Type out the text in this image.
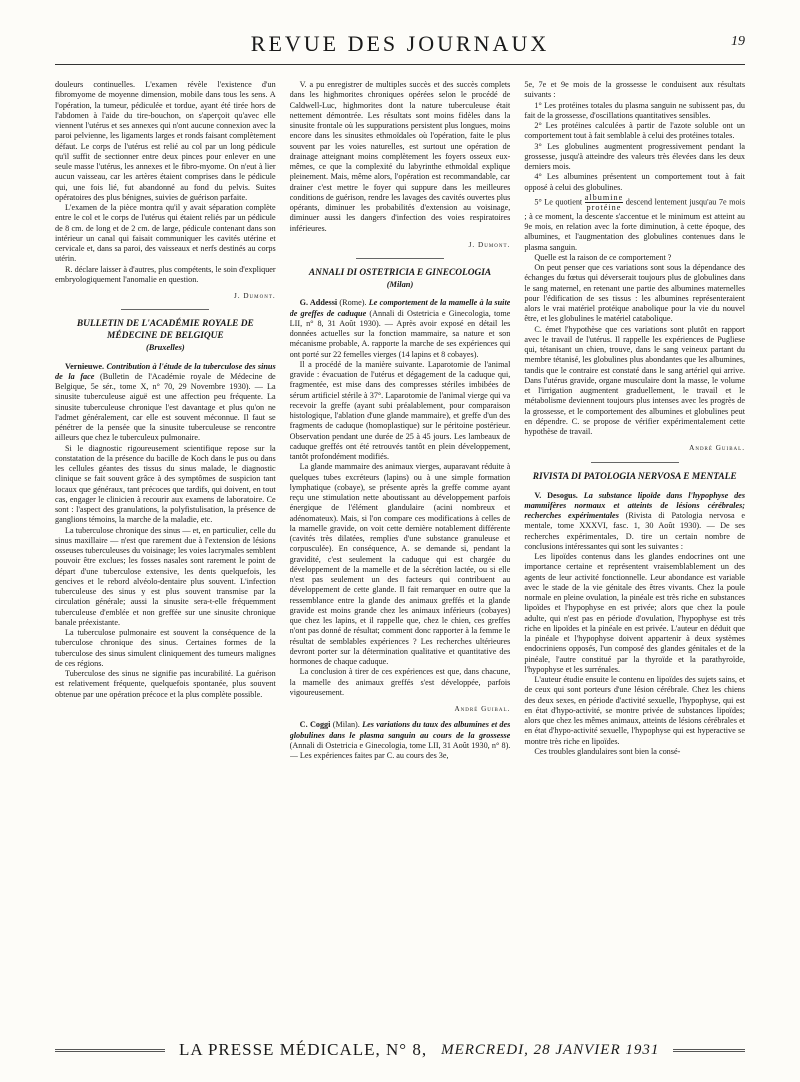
REVUE DES JOURNAUX	19

douleurs continuelles. L'examen révèle l'existence d'un fibromyome de moyenne dimension, mobile dans tous les sens. A l'opération, la tumeur, pédiculée et tordue, ayant été tirée hors de l'abdomen à l'aide du tire-bouchon, on s'aperçoit qu'avec elle viennent l'utérus et ses annexes qui n'ont aucune connexion avec la paroi pelvienne, les ligaments larges et ronds faisant complètement défaut. Le corps de l'utérus est relié au col par un long pédicule qu'il suffit de sectionner entre deux pinces pour enlever en une seule masse l'utérus, les annexes et le fibro-myome. On n'eut à lier aucun vaisseau, car les artères étaient comprises dans le pédicule qui, une fois lié, fut abandonné au fond du pelvis. Suites opératoires des plus bénignes, suivies de guérison parfaite.

L'examen de la pièce montra qu'il y avait séparation complète entre le col et le corps de l'utérus qui étaient reliés par un pédicule de 8 cm. de long et de 2 cm. de large, pédicule contenant dans son intérieur un canal qui faisait communiquer les cavités utérine et cervicale et, dans sa paroi, des vaisseaux et nerfs destinés au corps utérin.

R. déclare laisser à d'autres, plus compétents, le soin d'expliquer embryologiquement l'anomalie en question.

J. Dumont.
BULLETIN DE L'ACADÉMIE ROYALE DE MÉDECINE DE BELGIQUE
(Bruxelles)

Vernieuwe. Contribution à l'étude de la tuberculose des sinus de la face (Bulletin de l'Académie royale de Médecine de Belgique, 5e sér., tome X, n° 70, 29 Novembre 1930). — La sinusite tuberculeuse aiguë est une affection peu fréquente. La sinusite tuberculeuse chronique l'est davantage et plus qu'on ne l'admet généralement, car elle est souvent méconnue. Il faut se pénétrer de la pensée que la sinusite tuberculeuse se rencontre ailleurs que chez le tuberculeux pulmonaire.

Si le diagnostic rigoureusement scientifique repose sur la constatation de la présence du bacille de Koch dans le pus ou dans les cellules géantes des tissus du sinus malade, le diagnostic clinique se fait souvent grâce à des symptômes de suspicion tant locaux que généraux, tant précoces que tardifs, qui doivent, en tout cas, engager le clinicien à recourir aux examens de laboratoire. Ce sont : l'aspect des granulations, la polyfistulisation, la présence de ganglions témoins, la marche de la maladie, etc.

La tuberculose chronique des sinus — et, en particulier, celle du sinus maxillaire — n'est que rarement due à l'extension de lésions osseuses tuberculeuses du voisinage; les voies lacrymales semblent pouvoir être exclues; les fosses nasales sont rarement le point de départ d'une tuberculose extensive, les dents quelquefois, les gencives et le rebord alvéolo-dentaire plus souvent. L'infection tuberculeuse des sinus y est plus souvent transmise par la circulation générale; aussi la sinusite sera-t-elle fréquemment tuberculeuse d'emblée et non greffée sur une sinusite chronique banale préexistante.

La tuberculose pulmonaire est souvent la conséquence de la tuberculose chronique des sinus. Certaines formes de la tuberculose des sinus simulent cliniquement des tumeurs malignes de ces régions.

Tuberculose des sinus ne signifie pas incurabilité. La guérison est relativement fréquente, quelquefois spontanée, plus souvent obtenue par une opération précoce et la plus complète possible.

V. a pu enregistrer de multiples succès et des succès complets dans les highmorites chroniques opérées selon le procédé de Caldwell-Luc, highmorites dont la nature tuberculeuse était nettement démontrée. Les résultats sont moins fidèles dans la sinusite frontale où les suppurations persistent plus longues, moins encore dans les sinusites ethmoïdales où l'opération, faite le plus souvent par les voies naturelles, est surtout une opération de drainage atteignant moins complètement les foyers osseux eux-mêmes, ce que la complexité du labyrinthe ethmoïdal explique pleinement. Mais, même alors, l'opération est recommandable, car drainer c'est mettre le foyer qui suppure dans les meilleures conditions de guérison, rendre les lavages des cavités ouvertes plus opérants, diminuer les probabilités d'extension au voisinage, diminuer aussi les dangers d'infection des voies respiratoires inférieures.

J. Dumont.
ANNALI DI OSTETRICIA E GINECOLOGIA
(Milan)

G. Addessi (Rome). Le comportement de la mamelle à la suite de greffes de caduque (Annali di Ostetricia e Ginecologia, tome LII, n° 8, 31 Août 1930). — Après avoir exposé en détail les données actuelles sur la fonction mammaire, sa nature et son mécanisme probable, A. rapporte la marche de ses expériences qui ont porté sur 22 femelles vierges (14 lapins et 8 cobayes).

Il a procédé de la manière suivante. Laparotomie de l'animal gravide : évacuation de l'utérus et dégagement de la caduque qui, fragmentée, est mise dans des compresses stériles imbibées de sérum artificiel stérile à 37°. Laparotomie de l'animal vierge qui va recevoir la greffe (ayant subi préalablement, pour comparaison histologique, l'ablation d'une glande mammaire), et greffe d'un des fragments de caduque (homoplastique) sur le péritoine postérieur. Observation pendant une durée de 25 à 45 jours. Les lambeaux de caduque greffés ont été retrouvés tantôt en plein développement, tantôt profondément modifiés.

La glande mammaire des animaux vierges, auparavant réduite à quelques tubes excréteurs (lapins) ou à une simple formation lymphatique (cobaye), se présente après la greffe comme ayant reçu une stimulation nette aboutissant au développement parfois énergique de l'élément glandulaire (acini nombreux et adénomateux). Mais, si l'on compare ces modifications à celles de la mamelle gravide, on voit cette dernière notablement différente (cavités très dilatées, remplies d'une substance granuleuse et corpusculée). En conséquence, A. se demande si, pendant la gravidité, c'est seulement la caduque qui est chargée du développement de la mamelle et de la sécrétion lactée, ou si elle n'est pas seulement un des facteurs qui contribuent au développement de cette glande. Il fait remarquer en outre que la ressemblance entre la glande des animaux greffés et la glande gravide est moins grande chez les animaux inférieurs (cobayes) que chez les lapins, et il rappelle que, chez le chien, ces greffes n'ont pas donné de résultat; comment donc rapporter à la femme le résultat de semblables expériences ? Les recherches ultérieures devront porter sur la détermination qualitative et quantitative des hormones de chaque caduque.

La conclusion à tirer de ces expériences est que, dans chacune, la mamelle des animaux greffés s'est développée, parfois vigoureusement.

André Guibal.

C. Coggi (Milan). Les variations du taux des albumines et des globulines dans le plasma sanguin au cours de la grossesse (Annali di Ostetricia e Ginecologia, tome LII, 31 Août 1930, n° 8). — Les expériences faites par C. au cours des 3e,

5e, 7e et 9e mois de la grossesse le conduisent aux résultats suivants :

1° Les protéines totales du plasma sanguin ne subissent pas, du fait de la grossesse, d'oscillations quantitatives sensibles.

2° Les protéines calculées à partir de l'azote soluble ont un comportement tout à fait semblable à celui des protéines totales.

3° Les globulines augmentent progressivement pendant la grossesse, jusqu'à atteindre des valeurs très élevées dans les deux derniers mois.

4° Les albumines présentent un comportement tout à fait opposé à celui des globulines.

5° Le quotient albumine
protéine
descend lentement jusqu'au 7e mois ; à ce moment, la descente s'accentue et le minimum est atteint au 9e mois, en relation avec la forte diminution, à cette époque, des albumines, et l'augmentation des globulines contenues dans le plasma sanguin.

Quelle est la raison de ce comportement ?

On peut penser que ces variations sont sous la dépendance des échanges du fœtus qui déverserait toujours plus de globulines dans le sang maternel, en retenant une partie des albumines maternelles pour l'édification de ses tissus : les albumines représenteraient alors le vrai matériel protéique anabolique pour la vie du nouvel être, et les globulines le matériel catabolique.

C. émet l'hypothèse que ces variations sont plutôt en rapport avec le travail de l'utérus. Il rappelle les expériences de Pugliese qui, tétanisant un chien, trouve, dans le sang veineux partant du membre tétanisé, les globulines plus abondantes que les albumines, tandis que le contraire est constaté dans le sang artériel qui arrive. Dans l'utérus gravide, organe musculaire dont la masse, le volume et l'irrigation augmentent graduellement, le travail et le métabolisme deviennent toujours plus intenses avec les progrès de la grossesse, et le comportement des albumines et globulines peut en dépendre. C. se propose de vérifier expérimentalement cette hypothèse de travail.

André Guibal.
RIVISTA DI PATOLOGIA NERVOSA E MENTALE

V. Desogus. La substance lipoïde dans l'hypophyse des mammifères normaux et atteints de lésions cérébrales; recherches expérimentales (Rivista di Patologia nervosa e mentale, tome XXXVI, fasc. 1, 30 Août 1930). — De ses recherches expérimentales, D. tire un certain nombre de conclusions intéressantes qui sont les suivantes :

Les lipoïdes contenus dans les glandes endocrines ont une importance certaine et représentent vraisemblablement un des agents de leur activité fonctionnelle. Leur abondance est variable avec le stade de la vie génitale des êtres vivants. Chez la poule normale en pleine ovulation, la pinéale est très riche en substances lipoïdes et l'hypophyse en est privée; alors que chez la poule adulte, qui n'est pas en période d'ovulation, l'hypophyse est très riche en lipoïdes et la pinéale en est privée. L'auteur en déduit que la pinéale et l'hypophyse doivent appartenir à deux systèmes endocriniens opposés, l'un composé des glandes génitales et de la pinéale, l'autre constitué par la thyroïde et la parathyroïde, l'hypophyse et les surrénales.

L'auteur étudie ensuite le contenu en lipoïdes des sujets sains, et de ceux qui sont porteurs d'une lésion cérébrale. Chez les chiens des deux sexes, en période d'activité sexuelle, l'hypophyse, qui est en état d'hypo-activité, se montre privée de substances lipoïdes; alors que chez les mêmes animaux, atteints de lésions cérébrales et en état d'hypo-activité sexuelle, l'hypophyse qui est hyperactive se montre très riche en lipoïdes.

Ces troubles glandulaires sont bien la consé-

LA PRESSE MÉDICALE, N° 8, MERCREDI, 28 JANVIER 1931
